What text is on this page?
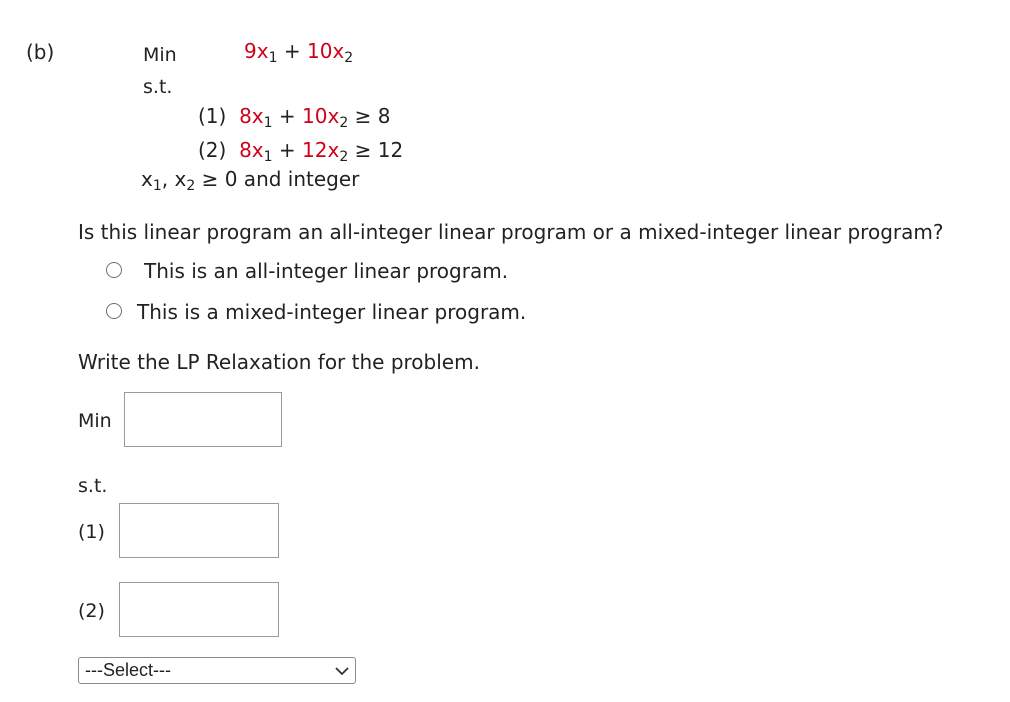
(b)	Min	$9x_1 + 10x_2$
s.t.
(1) $8x_1 + 10x_2 \ge 8$
(2) $8x_1 + 12x_2 \ge 12$
$x_1$, $x_2 \ge 0$ and integer
Is this linear program an all-integer linear program or a mixed-integer linear program?
This is an all-integer linear program.
This is a mixed-integer linear program.
Write the LP Relaxation for the problem.
Min
s.t.
(1)
(2)
---Select---
